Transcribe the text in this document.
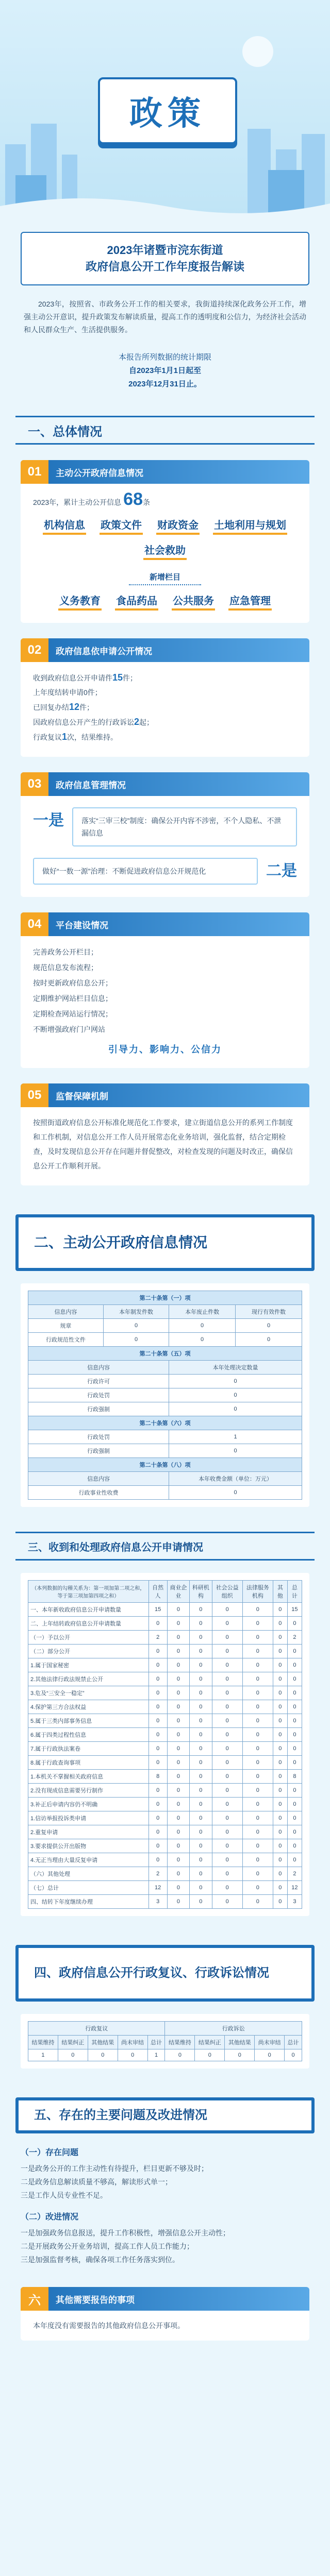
政策
2023年诸暨市浣东街道
政府信息公开工作年度报告解读

2023年，按照省、市政务公开工作的相关要求，我街道持续深化政务公开工作，增强主动公开意识，提升政策发布解读质量，提高工作的透明度和公信力，为经济社会活动和人民群众生产、生活提供服务。

本报告所列数据的统计期限
自2023年1月1日起至
2023年12月31日止。
一、总体情况
01	主动公开政府信息情况

2023年，累计主动公开信息 68条

机构信息 政策文件 财政资金 土地利用与规划
社会救助
新增栏目
义务教育 食品药品 公共服务 应急管理
02	政府信息依申请公开情况

收到政府信息公开申请件15件；

上年度结转申请0件；

已回复办结12件；

因政府信息公开产生的行政诉讼2起；

行政复议1次，结果维持。

03	政府信息管理情况
一是	落实“三审三校”制度：确保公开内容不涉密，不个人隐私、不泄漏信息
二是
做好“一数一源”治理：不断促进政府信息公开规范化
04	平台建设情况

完善政务公开栏目；

规范信息发布流程；

按时更新政府信息公开；

定期维护网站栏目信息；

定期检查网站运行情况；

不断增强政府门户网站

引导力、影响力、公信力
05	监督保障机制

按照街道政府信息公开标准化规范化工作要求，建立街道信息公开的系列工作制度和工作机制，对信息公开工作人员开展常态化业务培训，强化监督，结合定期检查，及时发现信息公开存在问题并督促整改，对检查发现的问题及时改正，确保信息公开工作顺利开展。

二、主动公开政府信息情况
第二十条第（一）项			
信息内容	本年制发件数	本年废止件数	现行有效件数
规章	0	0	0
行政规范性文件	0	0	0
第二十条第（五）项			
信息内容		本年处理决定数量	
行政许可		0	
行政处罚		0	
行政强制		0	
第二十条第（六）项			
行政处罚		1	
行政强制		0	
第二十条第（八）项			
信息内容		本年收费金额（单位：万元）	
行政事业性收费		0	
三、收到和处理政府信息公开申请情况
（本列数据的勾稽关系为：第一项加第二项之和，等于第三项加第四项之和）	自然人	商业企业	科研机构	社会公益组织	法律服务机构	其他	总计
一、本年新收政府信息公开申请数量	15	0	0	0	0	0	15
二、上年结转政府信息公开申请数量	0	0	0	0	0	0	0
（一）予以公开	2	0	0	0	0	0	2
（二）部分公开	0	0	0	0	0	0	0
1.属于国家秘密	0	0	0	0	0	0	0
2.其他法律行政法规禁止公开	0	0	0	0	0	0	0
3.危及“三安全一稳定”	0	0	0	0	0	0	0
4.保护第三方合法权益	0	0	0	0	0	0	0
5.属于三类内部事务信息	0	0	0	0	0	0	0
6.属于四类过程性信息	0	0	0	0	0	0	0
7.属于行政执法案卷	0	0	0	0	0	0	0
8.属于行政查询事项	0	0	0	0	0	0	0
1.本机关不掌握相关政府信息	8	0	0	0	0	0	8
2.没有现成信息需要另行制作	0	0	0	0	0	0	0
3.补正后申请内容仍不明确	0	0	0	0	0	0	0
1.信访举报投诉类申请	0	0	0	0	0	0	0
2.重复申请	0	0	0	0	0	0	0
3.要求提供公开出版物	0	0	0	0	0	0	0
4.无正当理由大量反复申请	0	0	0	0	0	0	0
（六）其他处理	2	0	0	0	0	0	2
（七）总计	12	0	0	0	0	0	12
四、结转下年度继续办理	3	0	0	0	0	0	3
四、政府信息公开行政复议、行政诉讼情况
行政复议					行政诉讼				
结果维持	结果纠正	其他结果	尚未审结	总计	结果维持	结果纠正	其他结果	尚未审结	总计
1	0	0	0	1	0	0	0	0	0
五、存在的主要问题及改进情况
（一）存在问题

一是政务公开的工作主动性有待提升，栏目更新不够及时；

二是政务信息解读质量不够高，解读形式单一；

三是工作人员专业性不足。

（二）改进情况

一是加强政务信息报送，提升工作积极性，增强信息公开主动性；

二是开展政务公开业务培训，提高工作人员工作能力；

三是加强监督考核，确保各项工作任务落实到位。

六	其他需要报告的事项

本年度没有需要报告的其他政府信息公开事项。
